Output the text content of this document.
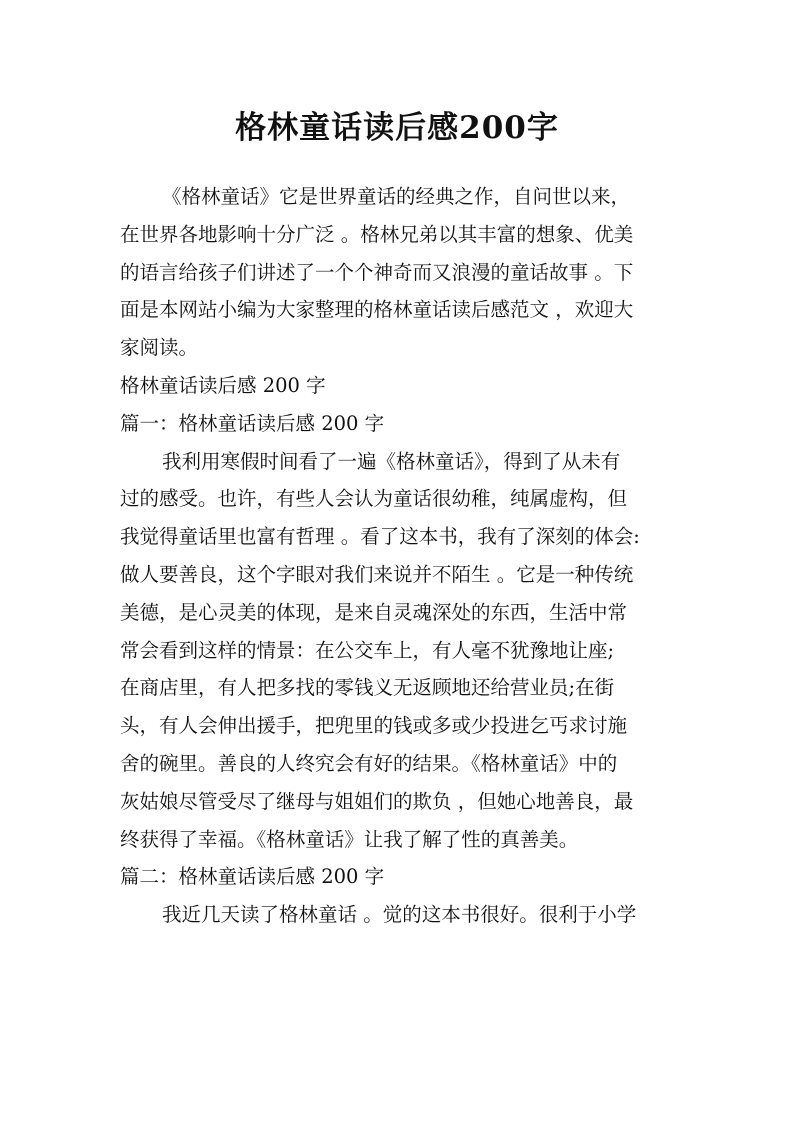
格林童话读后感200字
《格林童话》它是世界童话的经典之作，自问世以来，
在世界各地影响十分广泛 。格林兄弟以其丰富的想象、优美
的语言给孩子们讲述了一个个神奇而又浪漫的童话故事 。下
面是本网站小编为大家整理的格林童话读后感范文 ，欢迎大
家阅读。
格林童话读后感 200 字
篇一：格林童话读后感 200 字
我利用寒假时间看了一遍《格林童话》，得到了从未有
过的感受。也许，有些人会认为童话很幼稚，纯属虚构，但
我觉得童话里也富有哲理 。看了这本书，我有了深刻的体会:
做人要善良，这个字眼对我们来说并不陌生 。它是一种传统
美德，是心灵美的体现，是来自灵魂深处的东西，生活中常
常会看到这样的情景：在公交车上，有人毫不犹豫地让座;
在商店里，有人把多找的零钱义无返顾地还给营业员;在街
头，有人会伸出援手，把兜里的钱或多或少投进乞丐求讨施
舍的碗里。善良的人终究会有好的结果。《格林童话》中的
灰姑娘尽管受尽了继母与姐姐们的欺负 ，但她心地善良，最
终获得了幸福。《格林童话》让我了解了性的真善美。
篇二：格林童话读后感 200 字
我近几天读了格林童话 。觉的这本书很好。很利于小学
